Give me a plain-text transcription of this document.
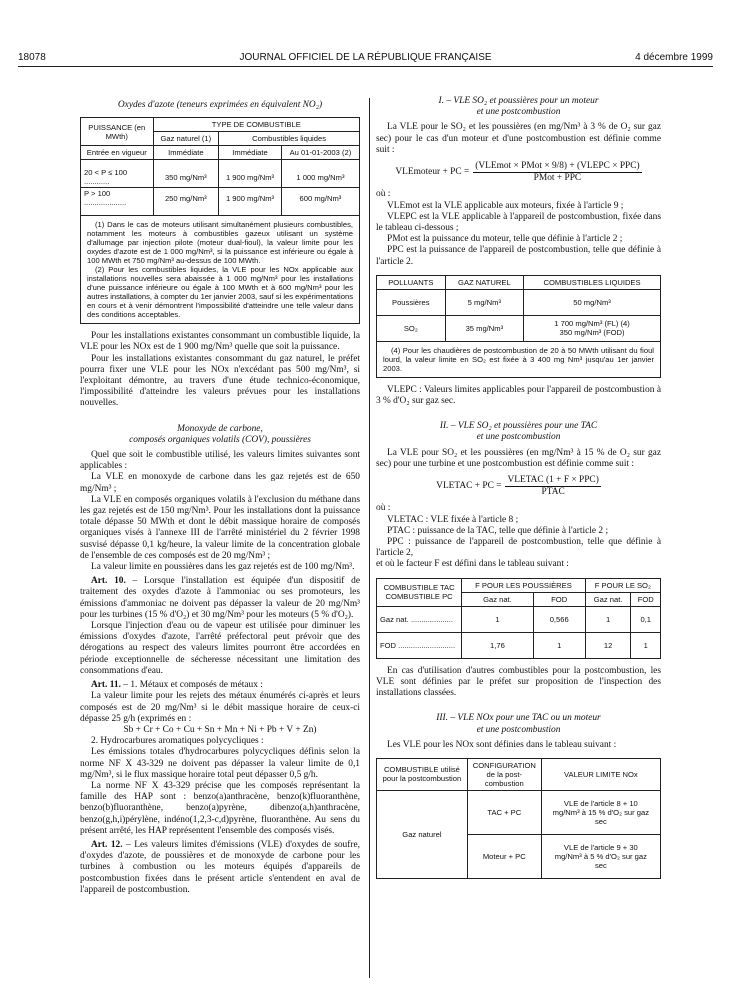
18078	JOURNAL OFFICIEL DE LA RÉPUBLIQUE FRANÇAISE	4 décembre 1999

Oxydes d'azote (teneurs exprimées en équivalent NO₂)

PUISSANCE (en MWth)	TYPE DE COMBUSTIBLE		
	Gaz naturel (1)	Combustibles liquides	
Entrée en vigueur	Immédiate	Immédiate	Au 01-01-2003 (2)
20 < P ≤ 100 ............	350 mg/Nm³	1 900 mg/Nm³	1 000 mg/Nm³
P > 100 ....................	250 mg/Nm³	1 900 mg/Nm³	600 mg/Nm³

(1) Dans le cas de moteurs utilisant simultanément plusieurs combustibles, notamment les moteurs à combustibles gazeux utilisant un système d'allumage par injection pilote (moteur dual-fioul), la valeur limite pour les oxydes d'azote est de 1 000 mg/Nm³, si la puissance est inférieure ou égale à 100 MWth et 750 mg/Nm³ au-dessus de 100 MWth.

(2) Pour les combustibles liquides, la VLE pour les NOx applicable aux installations nouvelles sera abaissée à 1 000 mg/Nm³ pour les installations d'une puissance inférieure ou égale à 100 MWth et à 600 mg/Nm³ pour les autres installations, à compter du 1er janvier 2003, sauf si les expérimentations en cours et à venir démontrent l'impossibilité d'atteindre une telle valeur dans des conditions acceptables.

Pour les installations existantes consommant un combustible liquide, la VLE pour les NOx est de 1 900 mg/Nm³ quelle que soit la puissance.

Pour les installations existantes consommant du gaz naturel, le préfet pourra fixer une VLE pour les NOx n'excédant pas 500 mg/Nm³, si l'exploitant démontre, au travers d'une étude technico-économique, l'impossibilité d'atteindre les valeurs prévues pour les installations nouvelles.

Monoxyde de carbone,

composés organiques volatils (COV), poussières

Quel que soit le combustible utilisé, les valeurs limites suivantes sont applicables :

La VLE en monoxyde de carbone dans les gaz rejetés est de 650 mg/Nm³ ;

La VLE en composés organiques volatils à l'exclusion du méthane dans les gaz rejetés est de 150 mg/Nm³. Pour les installations dont la puissance totale dépasse 50 MWth et dont le débit massique horaire de composés organiques visés à l'annexe III de l'arrêté ministériel du 2 février 1998 susvisé dépasse 0,1 kg/heure, la valeur limite de la concentration globale de l'ensemble de ces composés est de 20 mg/Nm³ ;

La valeur limite en poussières dans les gaz rejetés est de 100 mg/Nm³.

Art. 10. – Lorsque l'installation est équipée d'un dispositif de traitement des oxydes d'azote à l'ammoniac ou ses promoteurs, les émissions d'ammoniac ne doivent pas dépasser la valeur de 20 mg/Nm³ pour les turbines (15 % d'O₂) et 30 mg/Nm³ pour les moteurs (5 % d'O₂).

Lorsque l'injection d'eau ou de vapeur est utilisée pour diminuer les émissions d'oxydes d'azote, l'arrêté préfectoral peut prévoir que des dérogations au respect des valeurs limites pourront être accordées en période exceptionnelle de sécheresse nécessitant une limitation des consommations d'eau.

Art. 11. – 1. Métaux et composés de métaux :

La valeur limite pour les rejets des métaux énumérés ci-après et leurs composés est de 20 mg/Nm³ si le débit massique horaire de ceux-ci dépasse 25 g/h (exprimés en :

Sb + Cr + Co + Cu + Sn + Mn + Ni + Pb + V + Zn)

2. Hydrocarbures aromatiques polycycliques :

Les émissions totales d'hydrocarbures polycycliques définis selon la norme NF X 43-329 ne doivent pas dépasser la valeur limite de 0,1 mg/Nm³, si le flux massique horaire total peut dépasser 0,5 g/h.

La norme NF X 43-329 précise que les composés représentant la famille des HAP sont : benzo(a)anthracène, benzo(k)fluoranthène, benzo(b)fluoranthène, benzo(a)pyrène, dibenzo(a,h)anthracène, benzo(g,h,i)pérylène, indéno(1,2,3-c,d)pyrène, fluoranthène. Au sens du présent arrêté, les HAP représentent l'ensemble des composés visés.

Art. 12. – Les valeurs limites d'émissions (VLE) d'oxydes de soufre, d'oxydes d'azote, de poussières et de monoxyde de carbone pour les turbines à combustion ou les moteurs équipés d'appareils de postcombustion fixées dans le présent article s'entendent en aval de l'appareil de postcombustion.

I. – VLE SO₂ et poussières pour un moteur

et une postcombustion

La VLE pour le SO₂ et les poussières (en mg/Nm³ à 3 % de O₂ sur gaz sec) pour le cas d'un moteur et d'une postcombustion est définie comme suit :

VLEmoteur + PC = $\frac{\text{(VLEmot × PMot × 9/8) + (VLEPC × PPC)}}{\text{PMot + PPC}}$

où :

VLEmot est la VLE applicable aux moteurs, fixée à l'article 9 ;

VLEPC est la VLE applicable à l'appareil de postcombustion, fixée dans le tableau ci-dessous ;

PMot est la puissance du moteur, telle que définie à l'article 2 ;

PPC est la puissance de l'appareil de postcombustion, telle que définie à l'article 2.

POLLUANTS	GAZ NATUREL	COMBUSTIBLES LIQUIDES
Poussières	5 mg/Nm³	50 mg/Nm³
SO₂	35 mg/Nm³	1 700 mg/Nm³ (FL) (4)
350 mg/Nm³ (FOD)

(4) Pour les chaudières de postcombustion de 20 à 50 MWth utilisant du fioul lourd, la valeur limite en SO₂ est fixée à 3 400 mg Nm³ jusqu'au 1er janvier 2003.

VLEPC : Valeurs limites applicables pour l'appareil de postcombustion à 3 % d'O₂ sur gaz sec.

II. – VLE SO₂ et poussières pour une TAC

et une postcombustion

La VLE pour SO₂ et les poussières (en mg/Nm³ à 15 % de O₂ sur gaz sec) pour une turbine et une postcombustion est définie comme suit :

VLETAC + PC = $\frac{\text{VLETAC (1 + F × PPC)}}{\text{PTAC}}$

où :

VLETAC : VLE fixée à l'article 8 ;

PTAC : puissance de la TAC, telle que définie à l'article 2 ;

PPC : puissance de l'appareil de postcombustion, telle que définie à l'article 2,

et où le facteur F est défini dans le tableau suivant :

COMBUSTIBLE TAC
COMBUSTIBLE PC	F POUR LES POUSSIÈRES		F POUR LE SO₂	
	Gaz nat.	FOD	Gaz nat.	FOD
Gaz nat. ....................	1	0,566	1	0,1
FOD ...........................	1,76	1	12	1

En cas d'utilisation d'autres combustibles pour la postcombustion, les VLE sont définies par le préfet sur proposition de l'inspection des installations classées.

III. – VLE NOx pour une TAC ou un moteur

et une postcombustion

Les VLE pour les NOx sont définies dans le tableau suivant :

COMBUSTIBLE utilisé pour la postcombustion	CONFIGURATION de la post-combustion	VALEUR LIMITE NOx
Gaz naturel	TAC + PC	VLE de l'article 8 + 10 mg/Nm³ à 15 % d'O₂ sur gaz sec
	Moteur + PC	VLE de l'article 9 + 30 mg/Nm³ à 5 % d'O₂ sur gaz sec
